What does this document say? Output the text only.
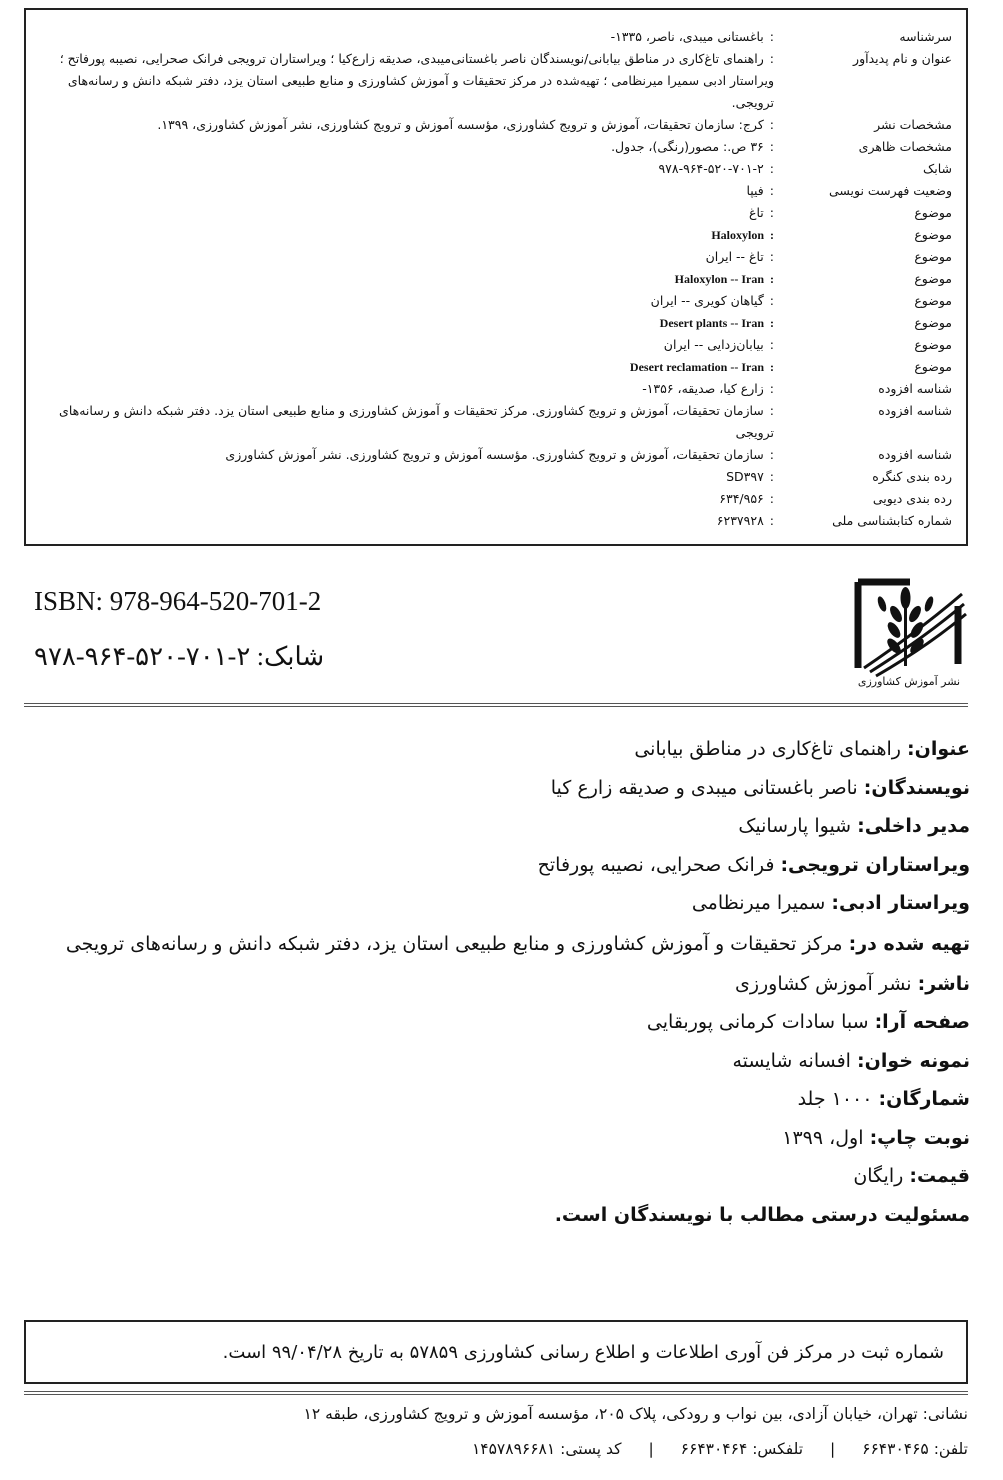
سرشناسه
:باغستانی میبدی، ناصر، ۱۳۳۵-
عنوان و نام پدیدآور
:راهنمای تاغ‌کاری در مناطق بیابانی/نویسندگان ناصر باغستانی‌میبدی، صدیقه زارع‌کیا ؛ ویراستاران ترویجی فرانک صحرایی، نصیبه پورفاتح ؛ ویراستار ادبی سمیرا میرنظامی ؛ تهیه‌شده در مرکز تحقیقات و آموزش کشاورزی و منابع طبیعی استان یزد، دفتر شبکه دانش و رسانه‌های ترویجی.
مشخصات نشر
:کرج: سازمان تحقیقات، آموزش و ترویج کشاورزی، مؤسسه آموزش و ترویج کشاورزی، نشر آموزش کشاورزی، ۱۳۹۹.
مشخصات ظاهری
:۳۶ ص.: مصور(رنگی)، جدول.
شابک
:۹۷۸-۹۶۴-۵۲۰-۷۰۱-۲
وضعیت فهرست نویسی
:فیپا
موضوع
:تاغ
موضوع
:Haloxylon
موضوع
:تاغ -- ایران
موضوع
:Haloxylon -- Iran
موضوع
:گیاهان کویری -- ایران
موضوع
:Desert plants -- Iran
موضوع
:بیابان‌زدایی -- ایران
موضوع
:Desert reclamation -- Iran
شناسه افزوده
:زارع کیا، صدیقه، ۱۳۵۶-
شناسه افزوده
:سازمان تحقیقات، آموزش و ترویج کشاورزی. مرکز تحقیقات و آموزش کشاورزی و منابع طبیعی استان یزد. دفتر شبکه دانش و رسانه‌های ترویجی
شناسه افزوده
:سازمان تحقیقات، آموزش و ترویج کشاورزی. مؤسسه آموزش و ترویج کشاورزی. نشر آموزش کشاورزی
رده بندی کنگره
:SD۳۹۷
رده بندی دیویی
:۶۳۴/۹۵۶
شماره کتابشناسی ملی
:۶۲۳۷۹۲۸
ISBN: 978-964-520-701-2
شابک: ۲-۷۰۱-۵۲۰-۹۶۴-۹۷۸
نشر آموزش کشاورزی
عنوان: راهنمای تاغ‌کاری در مناطق بیابانی
نویسندگان: ناصر باغستانی میبدی و صدیقه زارع کیا
مدیر داخلی: شیوا پارسانیک
ویراستاران ترویجی: فرانک صحرایی، نصیبه پورفاتح
ویراستار ادبی: سمیرا میرنظامی
تهیه شده در: مرکز تحقیقات و آموزش کشاورزی و منابع طبیعی استان یزد، دفتر شبکه دانش و رسانه‌های ترویجی
ناشر: نشر آموزش کشاورزی
صفحه آرا: سبا سادات کرمانی پوربقایی
نمونه خوان: افسانه شایسته
شمارگان: ۱۰۰۰ جلد
نوبت چاپ: اول، ۱۳۹۹
قیمت: رایگان
مسئولیت درستی مطالب با نویسندگان است.
شماره ثبت در مرکز فن آوری اطلاعات و اطلاع رسانی کشاورزی ۵۷۸۵۹ به تاریخ ۹۹/۰۴/۲۸ است.
نشانی: تهران، خیابان آزادی، بین نواب و رودکی، پلاک ۲۰۵، مؤسسه آموزش و ترویج کشاورزی، طبقه ۱۲
تلفن: ۶۶۴۳۰۴۶۵ | تلفکس: ۶۶۴۳۰۴۶۴ | کد پستی: ۱۴۵۷۸۹۶۶۸۱
